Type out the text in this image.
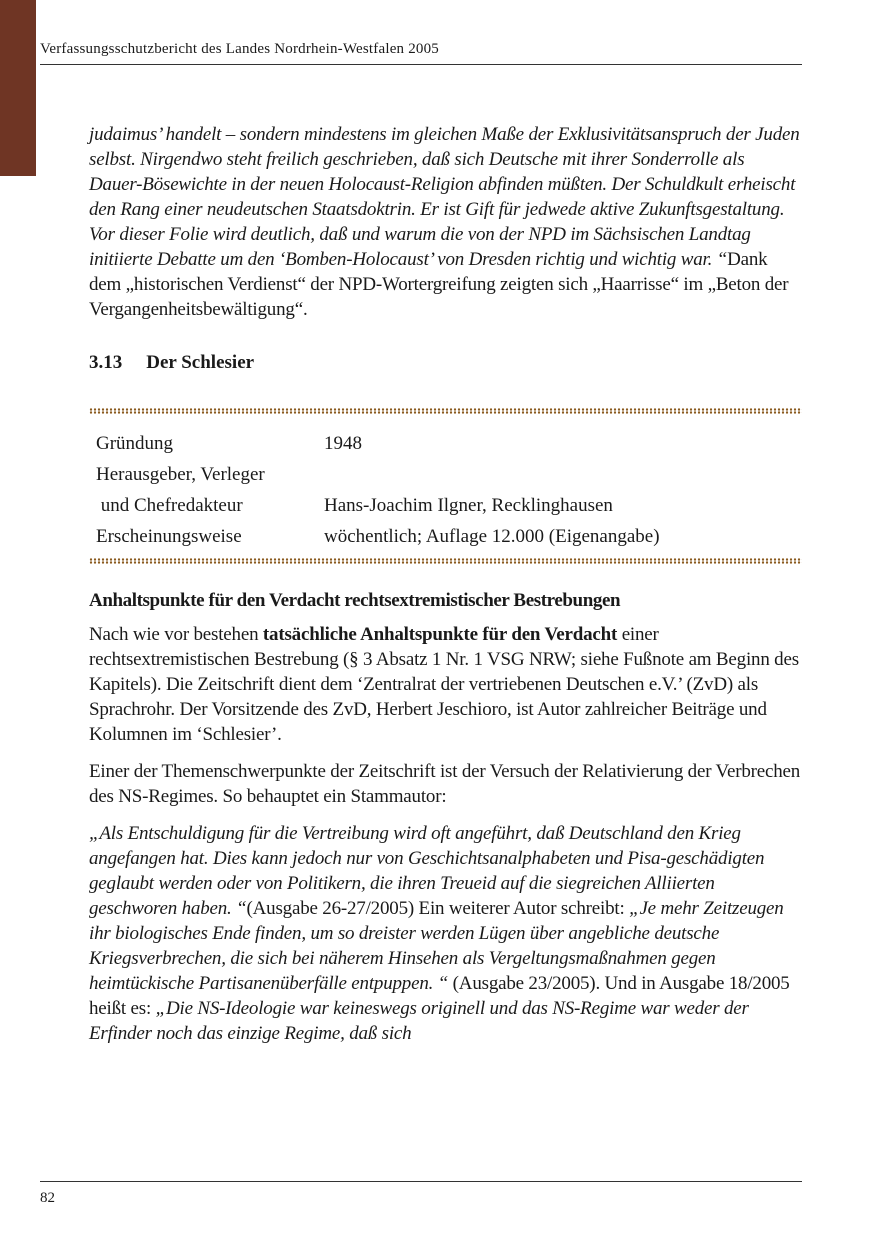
Verfassungsschutzbericht des Landes Nordrhein-Westfalen 2005

judaimus’ handelt – sondern mindestens im gleichen Maße der Exklusivitätsanspruch der Juden selbst. Nirgendwo steht freilich geschrieben, daß sich Deutsche mit ihrer Sonderrolle als Dauer-Bösewichte in der neuen Holocaust-Religion abfinden müßten. Der Schuldkult erheischt den Rang einer neudeutschen Staatsdoktrin. Er ist Gift für jedwede aktive Zukunftsgestaltung. Vor dieser Folie wird deutlich, daß und warum die von der NPD im Sächsischen Landtag initiierte Debatte um den ‘Bomben-Holocaust’ von Dresden richtig und wichtig war. “Dank dem „historischen Verdienst“ der NPD-Wortergreifung zeigten sich „Haarrisse“ im „Beton der Vergangenheitsbewältigung“.

3.13 Der Schlesier
Gründung	1948
Herausgeber, Verleger	
und Chefredakteur	Hans-Joachim Ilgner, Recklinghausen
Erscheinungsweise	wöchentlich; Auflage 12.000 (Eigenangabe)
Anhaltspunkte für den Verdacht rechtsextremistischer Bestrebungen

Nach wie vor bestehen tatsächliche Anhaltspunkte für den Verdacht einer rechtsextremistischen Bestrebung (§ 3 Absatz 1 Nr. 1 VSG NRW; siehe Fußnote am Beginn des Kapitels). Die Zeitschrift dient dem ‘Zentralrat der vertriebenen Deutschen e.V.’ (ZvD) als Sprachrohr. Der Vorsitzende des ZvD, Herbert Jeschioro, ist Autor zahlreicher Beiträge und Kolumnen im ‘Schlesier’.

Einer der Themenschwerpunkte der Zeitschrift ist der Versuch der Relativierung der Verbrechen des NS-Regimes. So behauptet ein Stammautor:

„Als Entschuldigung für die Vertreibung wird oft angeführt, daß Deutschland den Krieg angefangen hat. Dies kann jedoch nur von Geschichtsanalphabeten und Pisa-geschädigten geglaubt werden oder von Politikern, die ihren Treueid auf die siegreichen Alliierten geschworen haben. “(Ausgabe 26-27/2005) Ein weiterer Autor schreibt: „Je mehr Zeitzeugen ihr biologisches Ende finden, um so dreister werden Lügen über angebliche deutsche Kriegsverbrechen, die sich bei näherem Hinsehen als Vergeltungsmaßnahmen gegen heimtückische Partisanenüberfälle entpuppen. “ (Ausgabe 23/2005). Und in Ausgabe 18/2005 heißt es: „Die NS-Ideologie war keineswegs originell und das NS-Regime war weder der Erfinder noch das einzige Regime, daß sich

82
